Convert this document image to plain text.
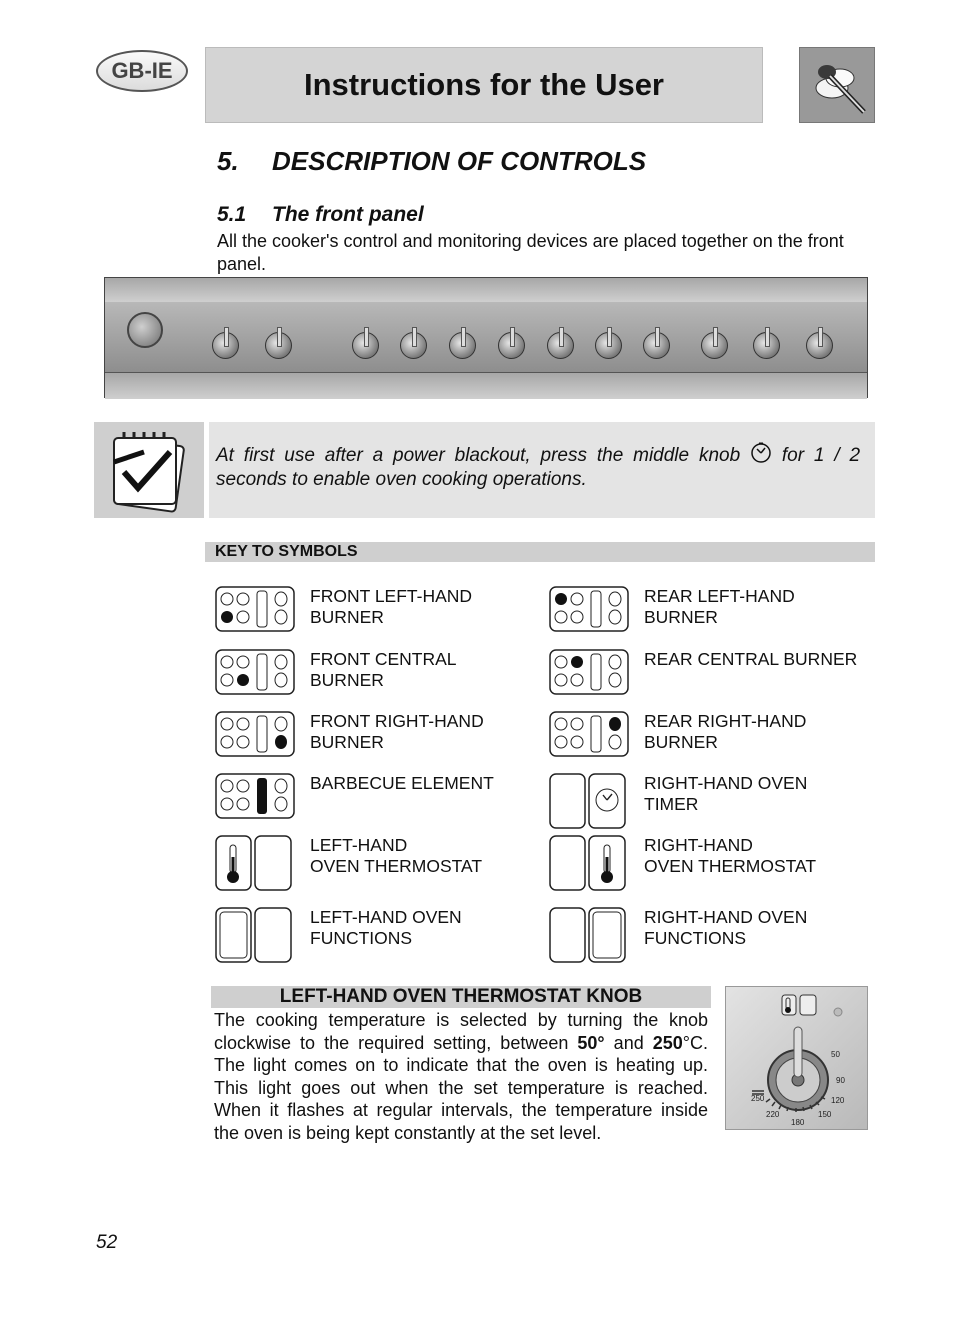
GB-IE	Instructions for the User
5. DESCRIPTION OF CONTROLS
5.1 The front panel
All the cooker's control and monitoring devices are placed together on the front panel.
At first use after a power blackout, press the middle knob for 1 / 2 seconds to enable oven cooking operations.
KEY TO SYMBOLS
FRONT LEFT-HAND BURNER
REAR LEFT-HAND BURNER
FRONT CENTRAL BURNER
REAR CENTRAL BURNER
FRONT RIGHT-HAND BURNER
REAR RIGHT-HAND BURNER
BARBECUE ELEMENT	RIGHT-HAND OVEN TIMER
LEFT-HAND
OVEN THERMOSTAT
RIGHT-HAND
OVEN THERMOSTAT
LEFT-HAND OVEN FUNCTIONS
RIGHT-HAND OVEN FUNCTIONS
LEFT-HAND OVEN THERMOSTAT KNOB
The cooking temperature is selected by turning the knob clockwise to the required setting, between 50° and 250°C. The light comes on to indicate that the oven is heating up. This light goes out when the set temperature is reached. When it flashes at regular intervals, the temperature inside the oven is being kept constantly at the set level.
50
90
120
150
180
220
250
52
